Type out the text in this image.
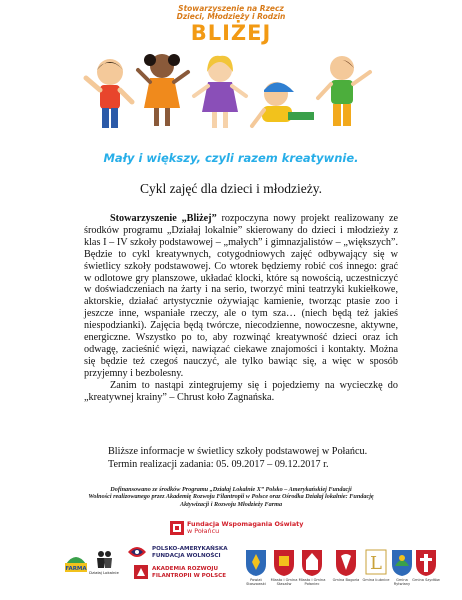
Stowarzyszenie na Rzecz
Dzieci, Młodzieży i Rodzin
BLIŻEJ
Mały i większy, czyli razem kreatywnie.
Cykl zajęć dla dzieci i młodzieży.

Stowarzyszenie „Bliżej” rozpoczyna nowy projekt realizowany ze środków programu „Działaj lokalnie” skierowany do dzieci i młodzieży z klas I – IV szkoły podstawowej – „małych” i gimnazjalistów – „większych”. Będzie to cykl kreatywnych, cotygodniowych zajęć odbywający się w świetlicy szkoły podstawowej. Co wtorek będziemy robić coś innego: grać w odlotowe gry planszowe, układać klocki, które są nowością, uczestniczyć w doświadczeniach na żarty i na serio, tworzyć mini teatrzyki kukiełkowe, aktorskie, działać artystycznie ożywiając kamienie, tworząc ptasie zoo i jeszcze inne, wspaniałe rzeczy, ale o tym sza… (niech będą też jakieś niespodzianki). Zajęcia będą twórcze, niecodzienne, nowoczesne, aktywne, energiczne. Wszystko po to, aby rozwinąć kreatywność dzieci oraz ich odwagę, zacieśnić więzi, nawiązać ciekawe znajomości i kontakty. Można się będzie też czegoś nauczyć, ale tylko bawiąc się, a więc w sposób przyjemny i bezbolesny.

Zanim to nastąpi zintegrujemy się i pojedziemy na wycieczkę do „kreatywnej krainy” – Chrust koło Zagnańska.

Bliższe informacje w świetlicy szkoły podstawowej w Połańcu.
Termin realizacji zadania: 05. 09.2017 – 09.12.2017 r.
Dofinansowano ze środków Programu „Działaj Lokalnie X” Polsko – Amerykańskiej Fundacji
Wolności realizowanego przez Akademię Rozwoju Filantropii w Polsce oraz Ośrodka Działaj lokalnie: Fundację
Aktywizacji i Rozwoju Młodzieży Farma
Fundacja Wspomagania Oświaty
w Połańcu
FARMA
Działaj Lokalnie
POLSKO-AMERYKAŃSKA
FUNDACJA WOLNOŚCI
AKADEMIA ROZWOJU
FILANTROPII W POLSCE
L
Powiat Staszowski
Miasto i Gmina Staszów
Miasto i Gmina Połaniec
Gmina Bogoria Gmina Łubnice	Gmina Rytwiany
Gmina Szydłów
